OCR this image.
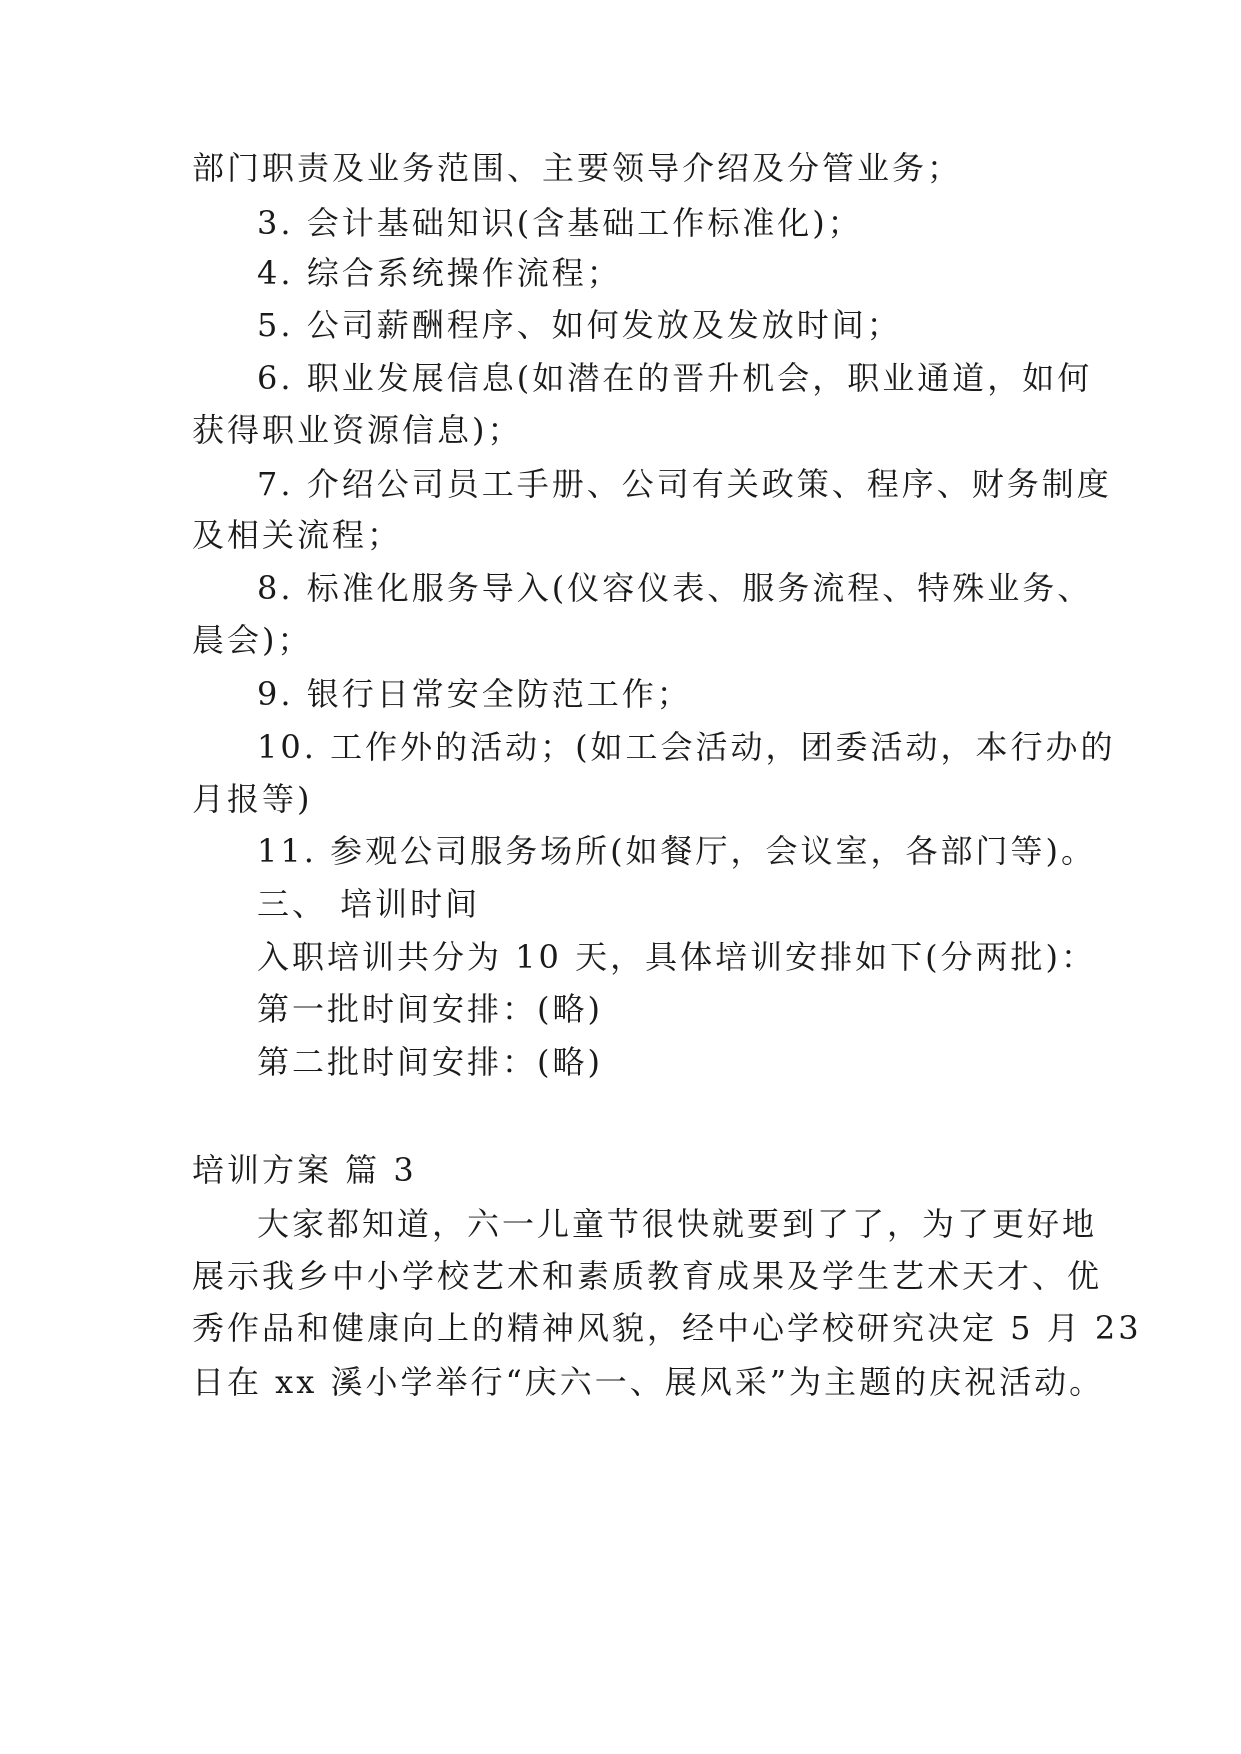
部门职责及业务范围、主要领导介绍及分管业务；
3. 会计基础知识(含基础工作标准化)；
4. 综合系统操作流程；
5. 公司薪酬程序、如何发放及发放时间；
6. 职业发展信息(如潜在的晋升机会，职业通道，如何
获得职业资源信息)；
7. 介绍公司员工手册、公司有关政策、程序、财务制度
及相关流程；
8. 标准化服务导入(仪容仪表、服务流程、特殊业务、
晨会)；
9. 银行日常安全防范工作；
10. 工作外的活动；(如工会活动，团委活动，本行办的
月报等)
11. 参观公司服务场所(如餐厅，会议室，各部门等)。
三、 培训时间
入职培训共分为 10 天，具体培训安排如下(分两批)：
第一批时间安排：(略)
第二批时间安排：(略)
培训方案 篇 3
大家都知道，六一儿童节很快就要到了了，为了更好地
展示我乡中小学校艺术和素质教育成果及学生艺术天才、优
秀作品和健康向上的精神风貌，经中心学校研究决定 5 月 23
日在 xx 溪小学举行“庆六一、展风采”为主题的庆祝活动。
